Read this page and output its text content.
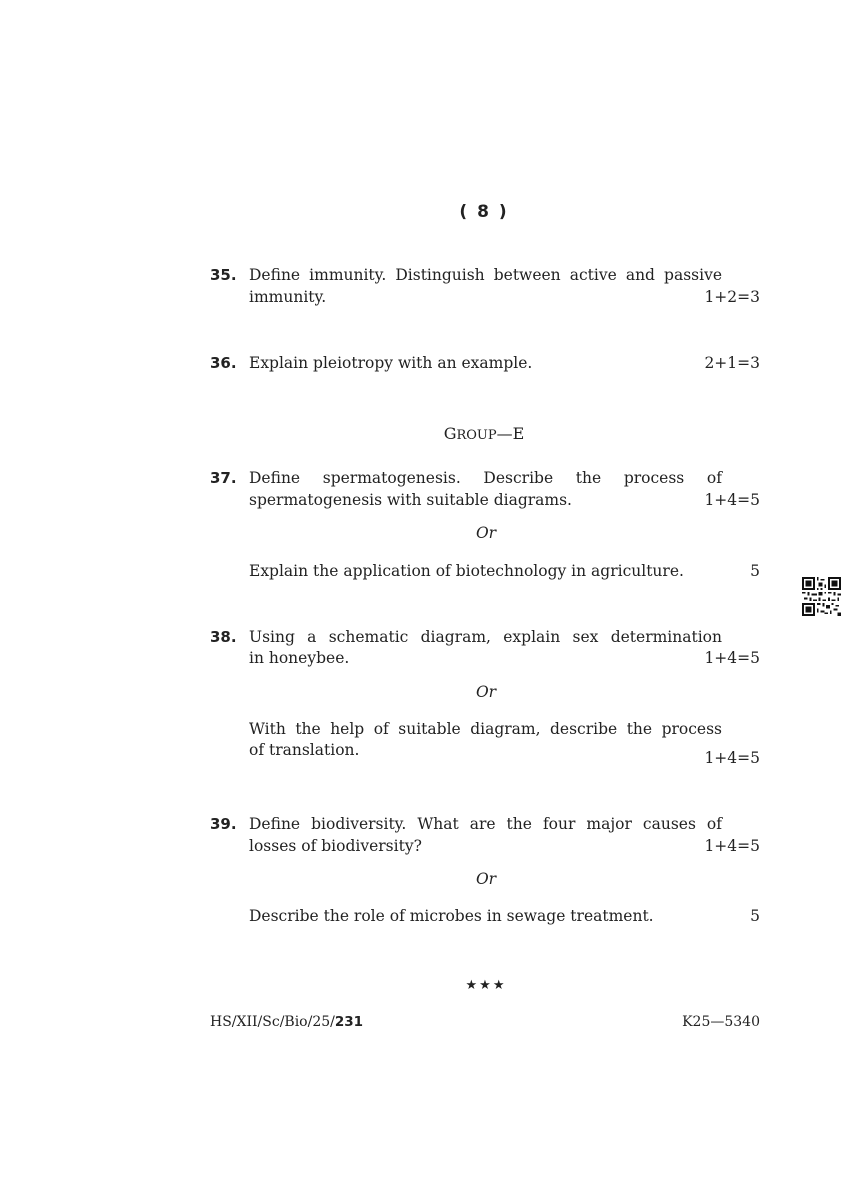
( 8 )
35. Define immunity. Distinguish between active and passive
immunity.	1+2=3
36. Explain pleiotropy with an example.	2+1=3
GROUP—E
37. Define spermatogenesis. Describe the process of
spermatogenesis with suitable diagrams.	1+4=5
Or
Explain the application of biotechnology in agriculture.	5
38. Using a schematic diagram, explain sex determination
in honeybee.	1+4=5
Or
With the help of suitable diagram, describe the process
of translation.	1+4=5
39. Define biodiversity. What are the four major causes of
losses of biodiversity?	1+4=5
Or
Describe the role of microbes in sewage treatment.	5
★★★
HS/XII/Sc/Bio/25/231	K25—5340
